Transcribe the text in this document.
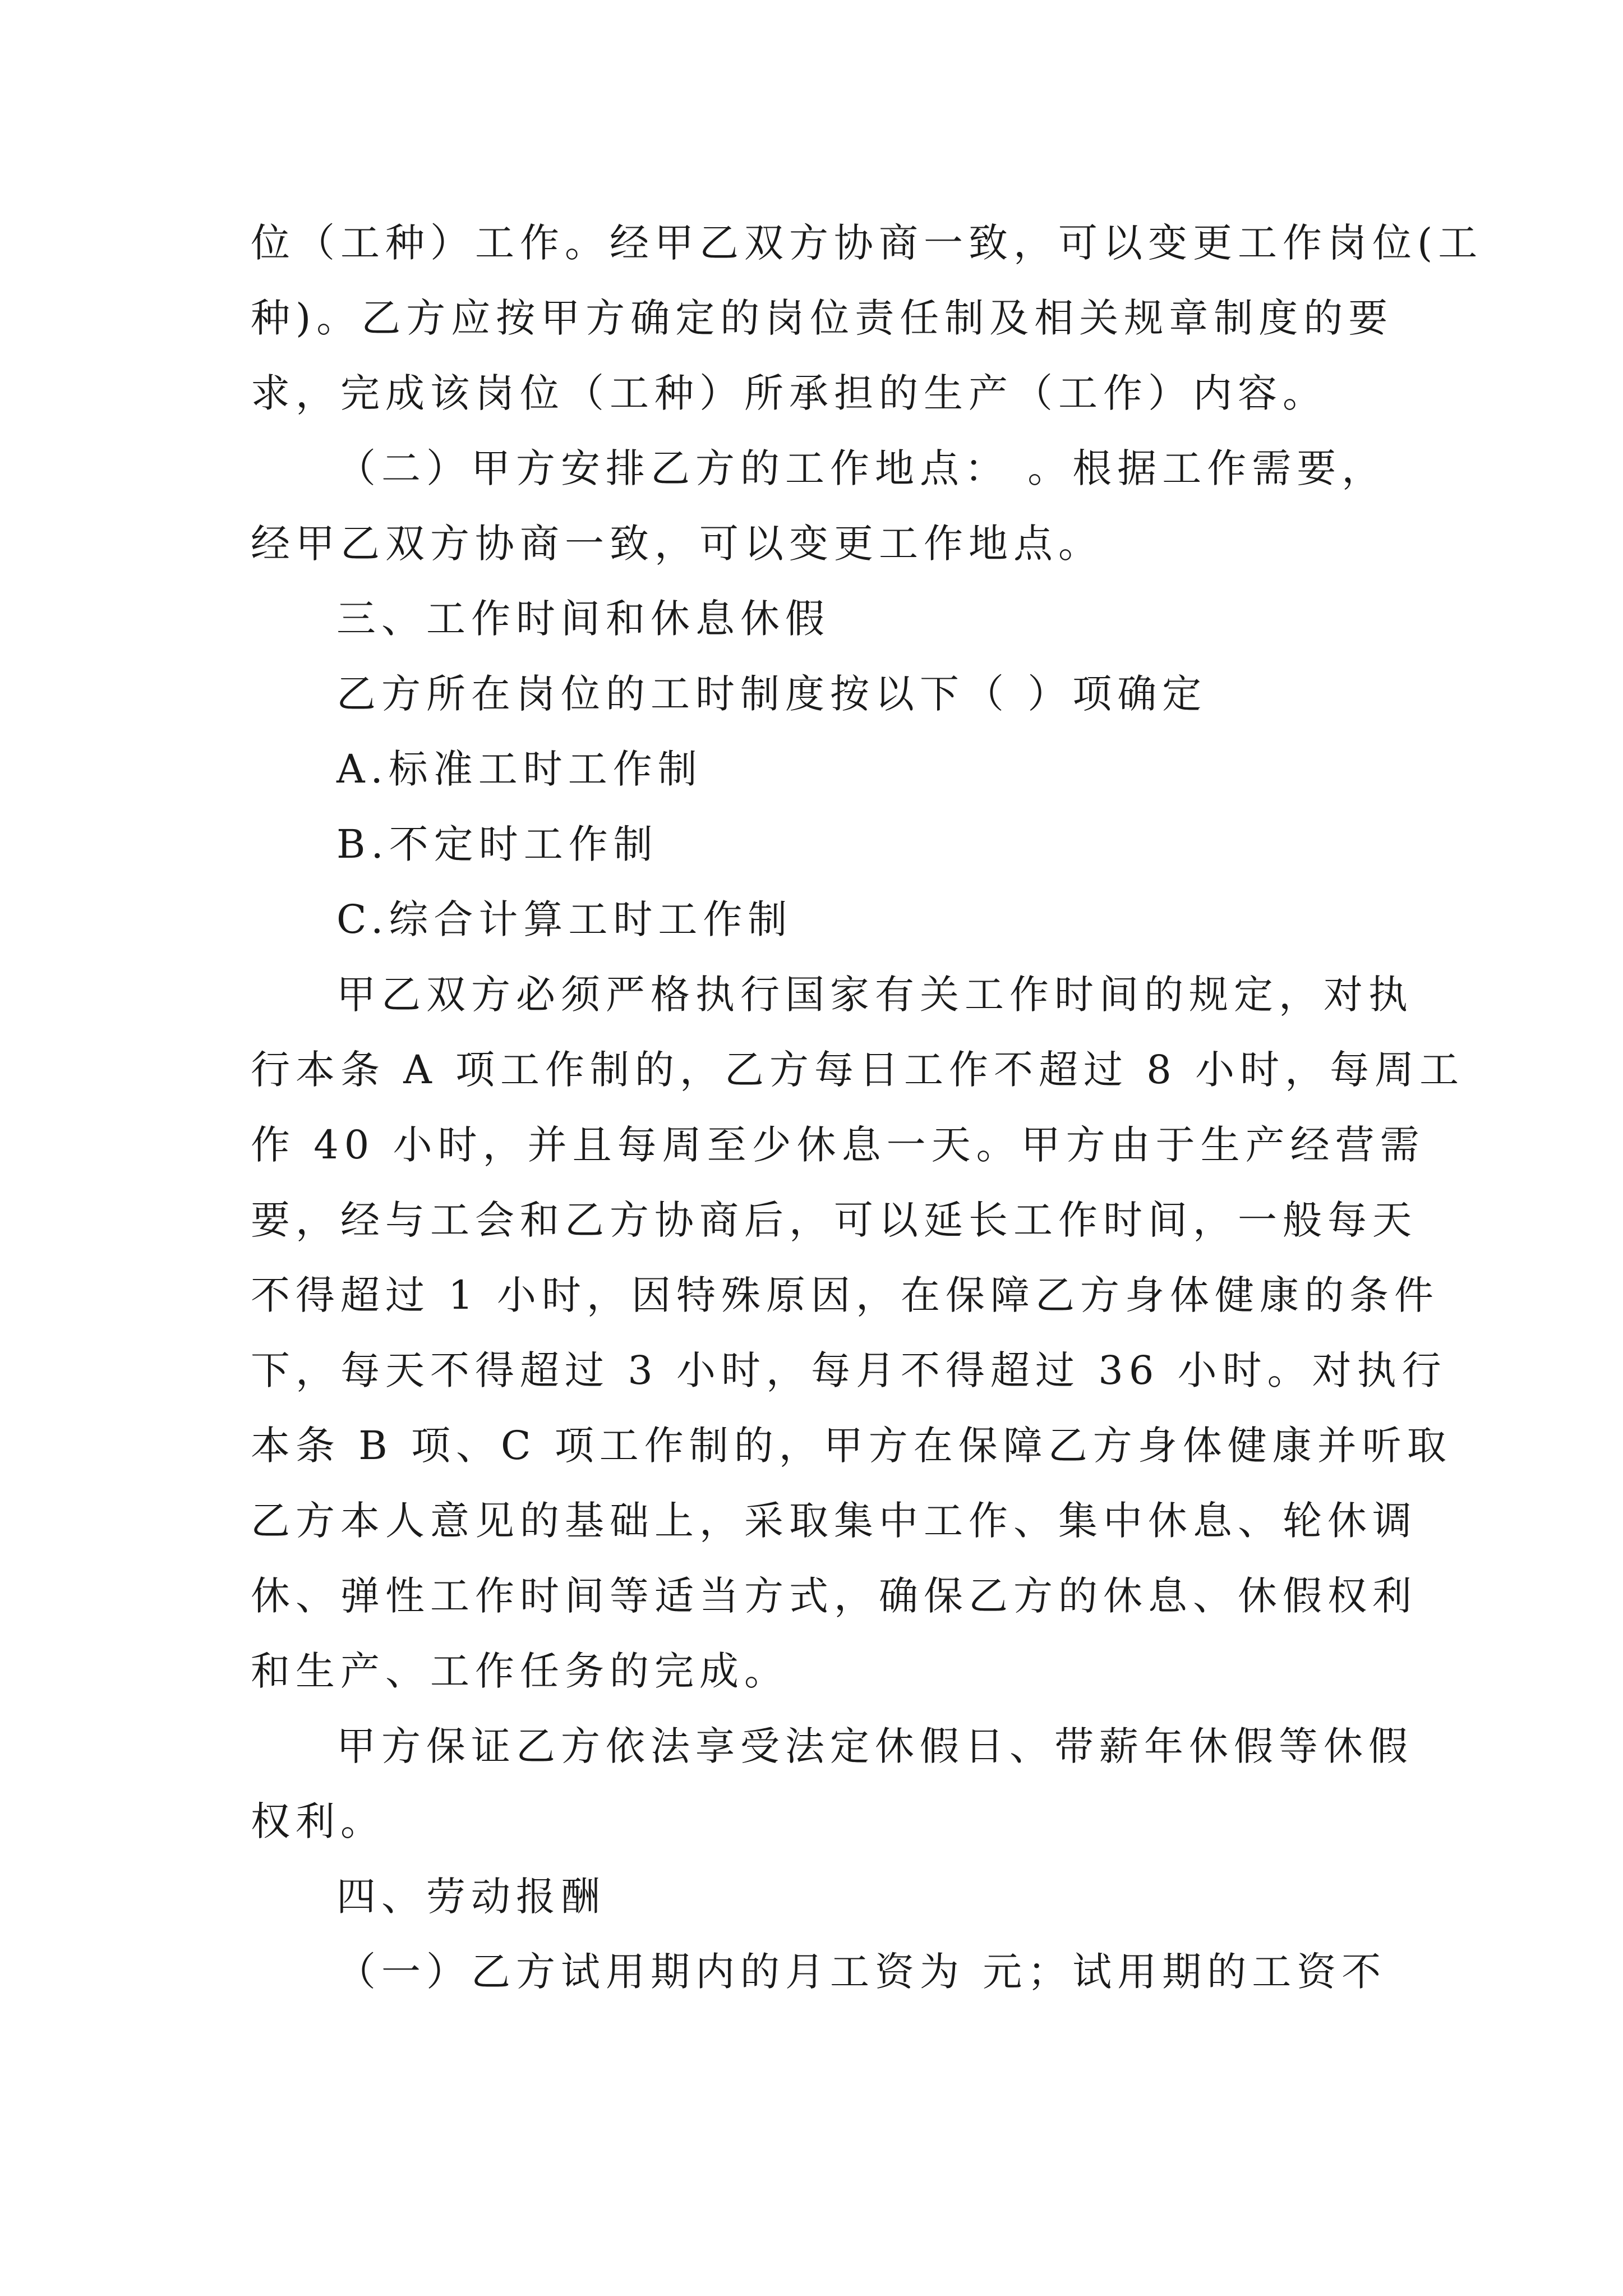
位（工种）工作。经甲乙双方协商一致，可以变更工作岗位(工
种)。乙方应按甲方确定的岗位责任制及相关规章制度的要
求，完成该岗位（工种）所承担的生产（工作）内容。
（二）甲方安排乙方的工作地点： 。根据工作需要，
经甲乙双方协商一致，可以变更工作地点。
三、工作时间和休息休假
乙方所在岗位的工时制度按以下（ ）项确定
A.标准工时工作制
B.不定时工作制
C.综合计算工时工作制
甲乙双方必须严格执行国家有关工作时间的规定，对执
行本条 A 项工作制的，乙方每日工作不超过 8 小时，每周工
作 40 小时，并且每周至少休息一天。甲方由于生产经营需
要，经与工会和乙方协商后，可以延长工作时间，一般每天
不得超过 1 小时，因特殊原因，在保障乙方身体健康的条件
下，每天不得超过 3 小时，每月不得超过 36 小时。对执行
本条 B 项、C 项工作制的，甲方在保障乙方身体健康并听取
乙方本人意见的基础上，采取集中工作、集中休息、轮休调
休、弹性工作时间等适当方式，确保乙方的休息、休假权利
和生产、工作任务的完成。
甲方保证乙方依法享受法定休假日、带薪年休假等休假
权利。
四、劳动报酬
（一）乙方试用期内的月工资为 元；试用期的工资不
